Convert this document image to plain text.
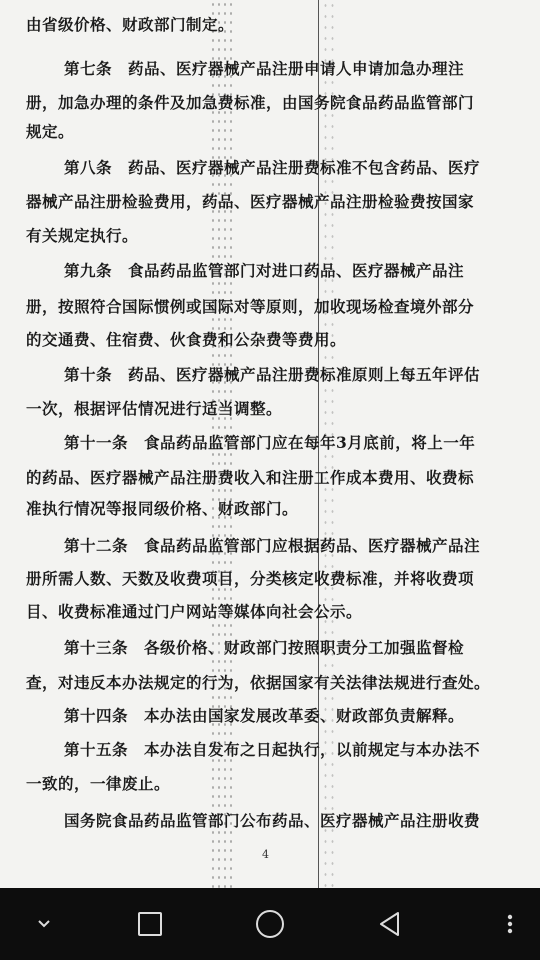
由省级价格、财政部门制定。
第七条　药品、医疗器械产品注册申请人申请加急办理注
册，加急办理的条件及加急费标准，由国务院食品药品监管部门
规定。
第八条　药品、医疗器械产品注册费标准不包含药品、医疗
器械产品注册检验费用，药品、医疗器械产品注册检验费按国家
有关规定执行。
第九条　食品药品监管部门对进口药品、医疗器械产品注
册，按照符合国际惯例或国际对等原则，加收现场检查境外部分
的交通费、住宿费、伙食费和公杂费等费用。
第十条　药品、医疗器械产品注册费标准原则上每五年评估
一次，根据评估情况进行适当调整。
第十一条　食品药品监管部门应在每年3月底前，将上一年
的药品、医疗器械产品注册费收入和注册工作成本费用、收费标
准执行情况等报同级价格、财政部门。
第十二条　食品药品监管部门应根据药品、医疗器械产品注
册所需人数、天数及收费项目，分类核定收费标准，并将收费项
目、收费标准通过门户网站等媒体向社会公示。
第十三条　各级价格、财政部门按照职责分工加强监督检
查，对违反本办法规定的行为，依据国家有关法律法规进行查处。
第十四条　本办法由国家发展改革委、财政部负责解释。
第十五条　本办法自发布之日起执行，以前规定与本办法不
一致的，一律废止。
国务院食品药品监管部门公布药品、医疗器械产品注册收费
4
